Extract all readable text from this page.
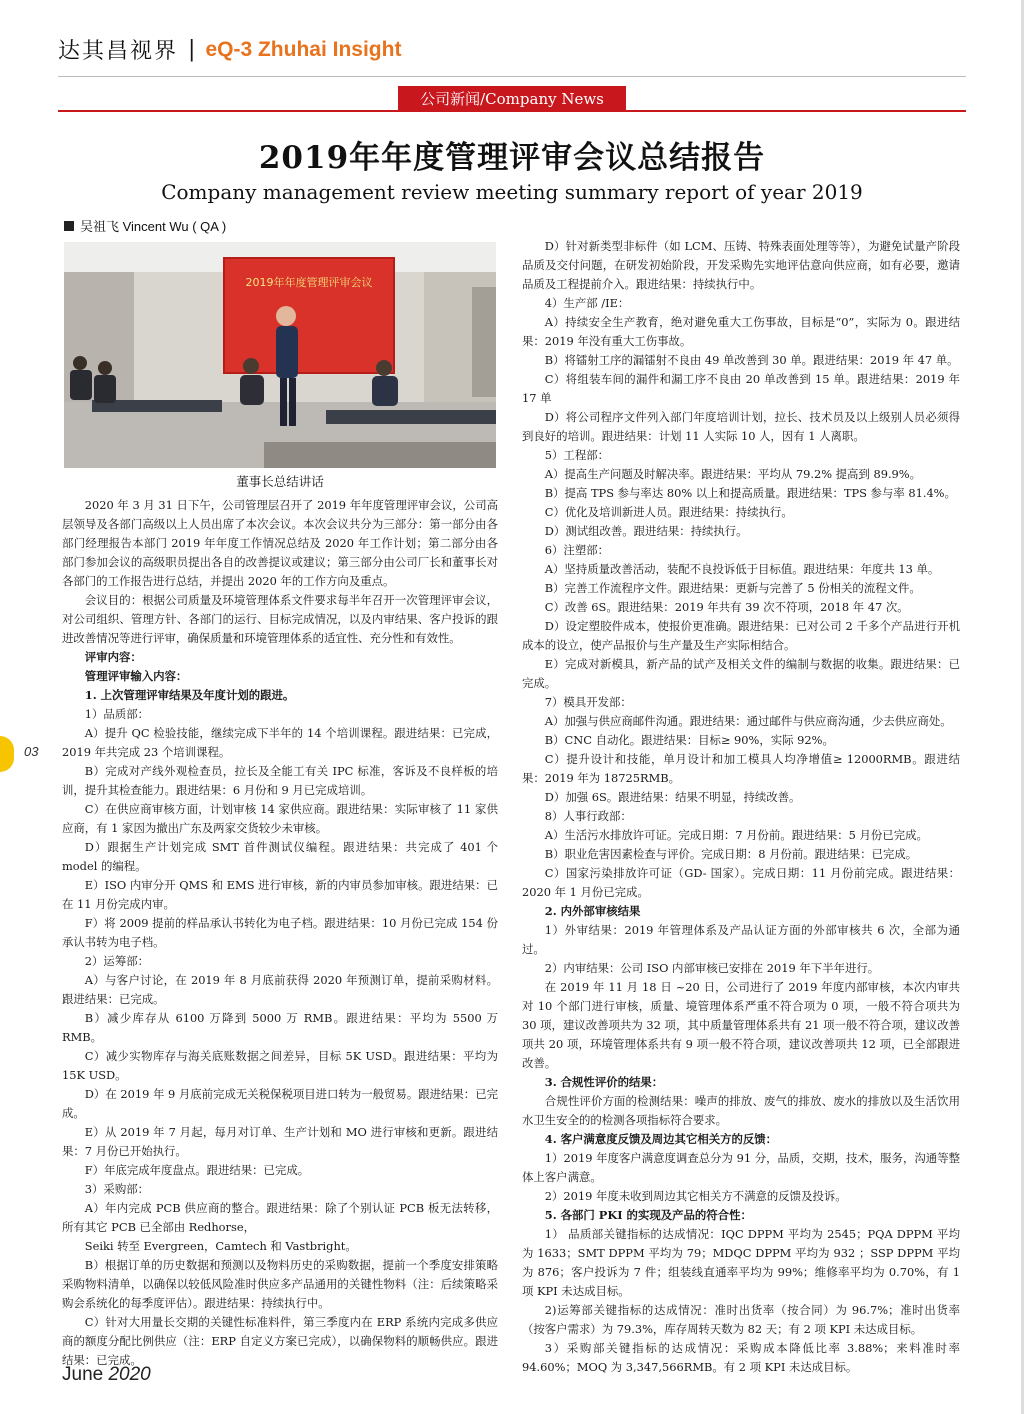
达其昌视界 | eQ-3 Zhuhai Insight
公司新闻/Company News
2019年年度管理评审会议总结报告
Company management review meeting summary report of year 2019
吴祖飞 Vincent Wu ( QA )
2019年年度管理评审会议
董事长总结讲话

2020 年 3 月 31 日下午，公司管理层召开了 2019 年年度管理评审会议，公司高层领导及各部门高级以上人员出席了本次会议。本次会议共分为三部分：第一部分由各部门经理报告本部门 2019 年年度工作情况总结及 2020 年工作计划；第二部分由各部门参加会议的高级职员提出各自的改善提议或建议；第三部分由公司厂长和董事长对各部门的工作报告进行总结，并提出 2020 年的工作方向及重点。

会议目的：根据公司质量及环境管理体系文件要求每半年召开一次管理评审会议，对公司组织、管理方针、各部门的运行、目标完成情况，以及内审结果、客户投诉的跟进改善情况等进行评审，确保质量和环境管理体系的适宜性、充分性和有效性。

评审内容：

管理评审输入内容：

1. 上次管理评审结果及年度计划的跟进。

1）品质部：

A）提升 QC 检验技能，继续完成下半年的 14 个培训课程。跟进结果：已完成，2019 年共完成 23 个培训课程。

B）完成对产线外观检查员，拉长及全能工有关 IPC 标准，客诉及不良样板的培训，提升其检查能力。跟进结果：6 月份和 9 月已完成培训。

C）在供应商审核方面，计划审核 14 家供应商。跟进结果：实际审核了 11 家供应商，有 1 家因为撤出广东及两家交货较少未审核。

D）跟据生产计划完成 SMT 首件测试仪编程。跟进结果：共完成了 401 个 model 的编程。

E）ISO 内审分开 QMS 和 EMS 进行审核，新的内审员参加审核。跟进结果：已在 11 月份完成内审。

F）将 2009 提前的样品承认书转化为电子档。跟进结果：10 月份已完成 154 份承认书转为电子档。

2）运筹部：

A）与客户讨论，在 2019 年 8 月底前获得 2020 年预测订单，提前采购材料。跟进结果：已完成。

B）减少库存从 6100 万降到 5000 万 RMB。跟进结果：平均为 5500 万 RMB。

C）减少实物库存与海关底账数据之间差异，目标 5K USD。跟进结果：平均为 15K USD。

D）在 2019 年 9 月底前完成无关税保税项目进口转为一般贸易。跟进结果：已完成。

E）从 2019 年 7 月起，每月对订单、生产计划和 MO 进行审核和更新。跟进结果：7 月份已开始执行。

F）年底完成年度盘点。跟进结果：已完成。

3）采购部：

A）年内完成 PCB 供应商的整合。跟进结果：除了个别认证 PCB 板无法转移，所有其它 PCB 已全部由 Redhorse，

Seiki 转至 Evergreen，Camtech 和 Vastbright。

B）根据订单的历史数据和预测以及物料历史的采购数据，提前一个季度安排策略采购物料清单，以确保以较低风险准时供应多产品通用的关键性物料（注：后续策略采购会系统化的每季度评估）。跟进结果：持续执行中。

C）针对大用量长交期的关键性标准料件，第三季度内在 ERP 系统内完成多供应商的额度分配比例供应（注：ERP 自定义方案已完成），以确保物料的顺畅供应。跟进结果：已完成。

D）针对新类型非标件（如 LCM、压铸、特殊表面处理等等），为避免试量产阶段品质及交付问题，在研发初始阶段，开发采购先实地评估意向供应商，如有必要，邀请品质及工程提前介入。跟进结果：持续执行中。

4）生产部 /IE：

A）持续安全生产教育，绝对避免重大工伤事故，目标是“0”，实际为 0。跟进结果：2019 年没有重大工伤事故。

B）将镭射工序的漏镭射不良由 49 单改善到 30 单。跟进结果：2019 年 47 单。

C）将组装车间的漏件和漏工序不良由 20 单改善到 15 单。跟进结果：2019 年 17 单

D）将公司程序文件列入部门年度培训计划，拉长、技术员及以上级别人员必须得到良好的培训。跟进结果：计划 11 人实际 10 人，因有 1 人离职。

5）工程部：

A）提高生产问题及时解决率。跟进结果：平均从 79.2% 提高到 89.9%。

B）提高 TPS 参与率达 80% 以上和提高质量。跟进结果：TPS 参与率 81.4%。

C）优化及培训新进人员。跟进结果：持续执行。

D）测试组改善。跟进结果：持续执行。

6）注塑部：

A）坚持质量改善活动，装配不良投诉低于目标值。跟进结果：年度共 13 单。

B）完善工作流程序文件。跟进结果：更新与完善了 5 份相关的流程文件。

C）改善 6S。跟进结果：2019 年共有 39 次不符项，2018 年 47 次。

D）设定塑胶件成本，使报价更准确。跟进结果：已对公司 2 千多个产品进行开机成本的设立，使产品报价与生产量及生产实际相结合。

E）完成对新模具，新产品的试产及相关文件的编制与数据的收集。跟进结果：已完成。

7）模具开发部：

A）加强与供应商邮件沟通。跟进结果：通过邮件与供应商沟通，少去供应商处。

B）CNC 自动化。跟进结果：目标≥ 90%，实际 92%。

C）提升设计和技能，单月设计和加工模具人均净增值≥ 12000RMB。跟进结果：2019 年为 18725RMB。

D）加强 6S。跟进结果：结果不明显，持续改善。

8）人事行政部：

A）生活污水排放许可证。完成日期：7 月份前。跟进结果：5 月份已完成。

B）职业危害因素检查与评价。完成日期：8 月份前。跟进结果：已完成。

C）国家污染排放许可证（GD- 国家）。完成日期：11 月份前完成。跟进结果：2020 年 1 月份已完成。

2. 内外部审核结果

1）外审结果：2019 年管理体系及产品认证方面的外部审核共 6 次，全部为通过。

2）内审结果：公司 ISO 内部审核已安排在 2019 年下半年进行。

在 2019 年 11 月 18 日 ~20 日，公司进行了 2019 年度内部审核，本次内审共对 10 个部门进行审核，质量、境管理体系严重不符合项为 0 项，一般不符合项共为 30 项，建议改善项共为 32 项，其中质量管理体系共有 21 项一般不符合项，建议改善项共 20 项，环境管理体系共有 9 项一般不符合项，建议改善项共 12 项，已全部跟进改善。

3. 合规性评价的结果：

合规性评价方面的检测结果：噪声的排放、废气的排放、废水的排放以及生活饮用水卫生安全的的检测各项指标符合要求。

4. 客户满意度反馈及周边其它相关方的反馈：

1）2019 年度客户满意度调查总分为 91 分，品质，交期，技术，服务，沟通等整体上客户满意。

2）2019 年度未收到周边其它相关方不满意的反馈及投诉。

5. 各部门 PKI 的实现及产品的符合性：

1） 品质部关键指标的达成情况：IQC DPPM 平均为 2545；PQA DPPM 平均为 1633；SMT DPPM 平均为 79；MDQC DPPM 平均为 932 ；SSP DPPM 平均为 876；客户投诉为 7 件；组装线直通率平均为 99%；维修率平均为 0.70%，有 1 项 KPI 未达成目标。

2)运筹部关键指标的达成情况：准时出货率（按合同）为 96.7%；准时出货率（按客户需求）为 79.3%，库存周转天数为 82 天；有 2 项 KPI 未达成目标。

3）采购部关键指标的达成情况：采购成本降低比率 3.88%；来料准时率 94.60%；MOQ 为 3,347,566RMB。有 2 项 KPI 未达成目标。

03
June 2020
